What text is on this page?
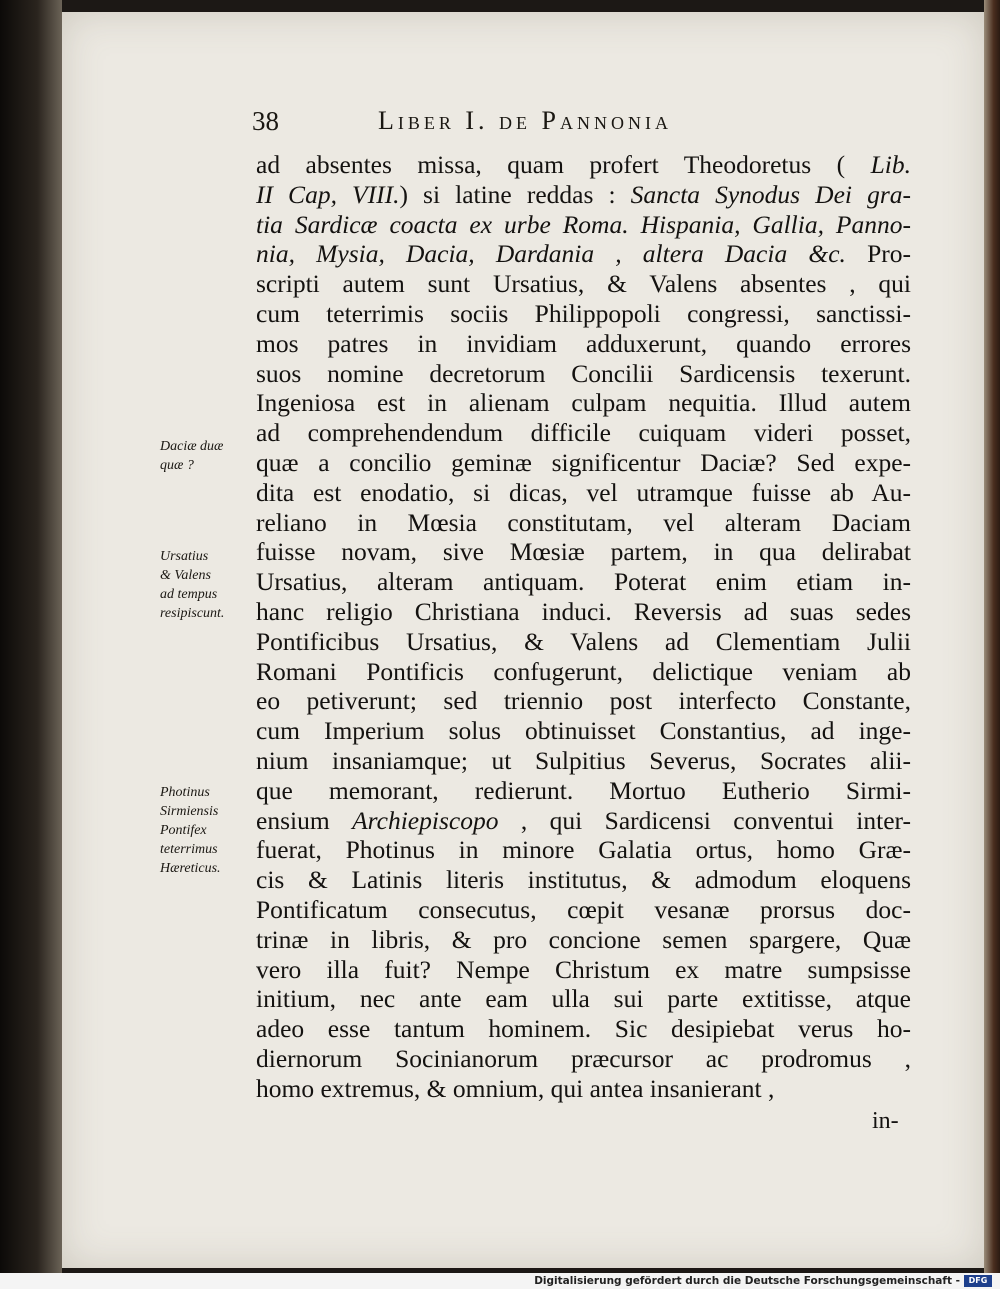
38	Liber I. de Pannonia
ad absentes missa, quam profert Theodoretus ( Lib.
II Cap, VIII.) si latine reddas : Sancta Synodus Dei gra-
tia Sardicæ coacta ex urbe Roma. Hispania, Gallia, Panno-
nia, Mysia, Dacia, Dardania , altera Dacia &c. Pro-
scripti autem sunt Ursatius, & Valens absentes , qui
cum teterrimis sociis Philippopoli congressi, sanctissi-
mos patres in invidiam adduxerunt, quando errores
suos nomine decretorum Concilii Sardicensis texerunt.
Ingeniosa est in alienam culpam nequitia. Illud autem
ad comprehendendum difficile cuiquam videri posset,
quæ a concilio geminæ significentur Daciæ? Sed expe-
dita est enodatio, si dicas, vel utramque fuisse ab Au-
reliano in Mœsia constitutam, vel alteram Daciam
fuisse novam, sive Mœsiæ partem, in qua delirabat
Ursatius, alteram antiquam. Poterat enim etiam in-
hanc religio Christiana induci. Reversis ad suas sedes
Pontificibus Ursatius, & Valens ad Clementiam Julii
Romani Pontificis confugerunt, delictique veniam ab
eo petiverunt; sed triennio post interfecto Constante,
cum Imperium solus obtinuisset Constantius, ad inge-
nium insaniamque; ut Sulpitius Severus, Socrates alii-
que memorant, redierunt. Mortuo Eutherio Sirmi-
ensium Archiepiscopo , qui Sardicensi conventui inter-
fuerat, Photinus in minore Galatia ortus, homo Græ-
cis & Latinis literis institutus, & admodum eloquens
Pontificatum consecutus, cœpit vesanæ prorsus doc-
trinæ in libris, & pro concione semen spargere, Quæ
vero illa fuit? Nempe Christum ex matre sumpsisse
initium, nec ante eam ulla sui parte extitisse, atque
adeo esse tantum hominem. Sic desipiebat verus ho-
diernorum Socinianorum præcursor ac prodromus ,
homo extremus, & omnium, qui antea insanierant ,
Daciæ duæ
quæ ?
Ursatius
& Valens
ad tempus
resipiscunt.
Photinus
Sirmiensis
Pontifex
teterrimus
Hæreticus.
in-
Digitalisierung gefördert durch die Deutsche Forschungsgemeinschaft -	DFG
